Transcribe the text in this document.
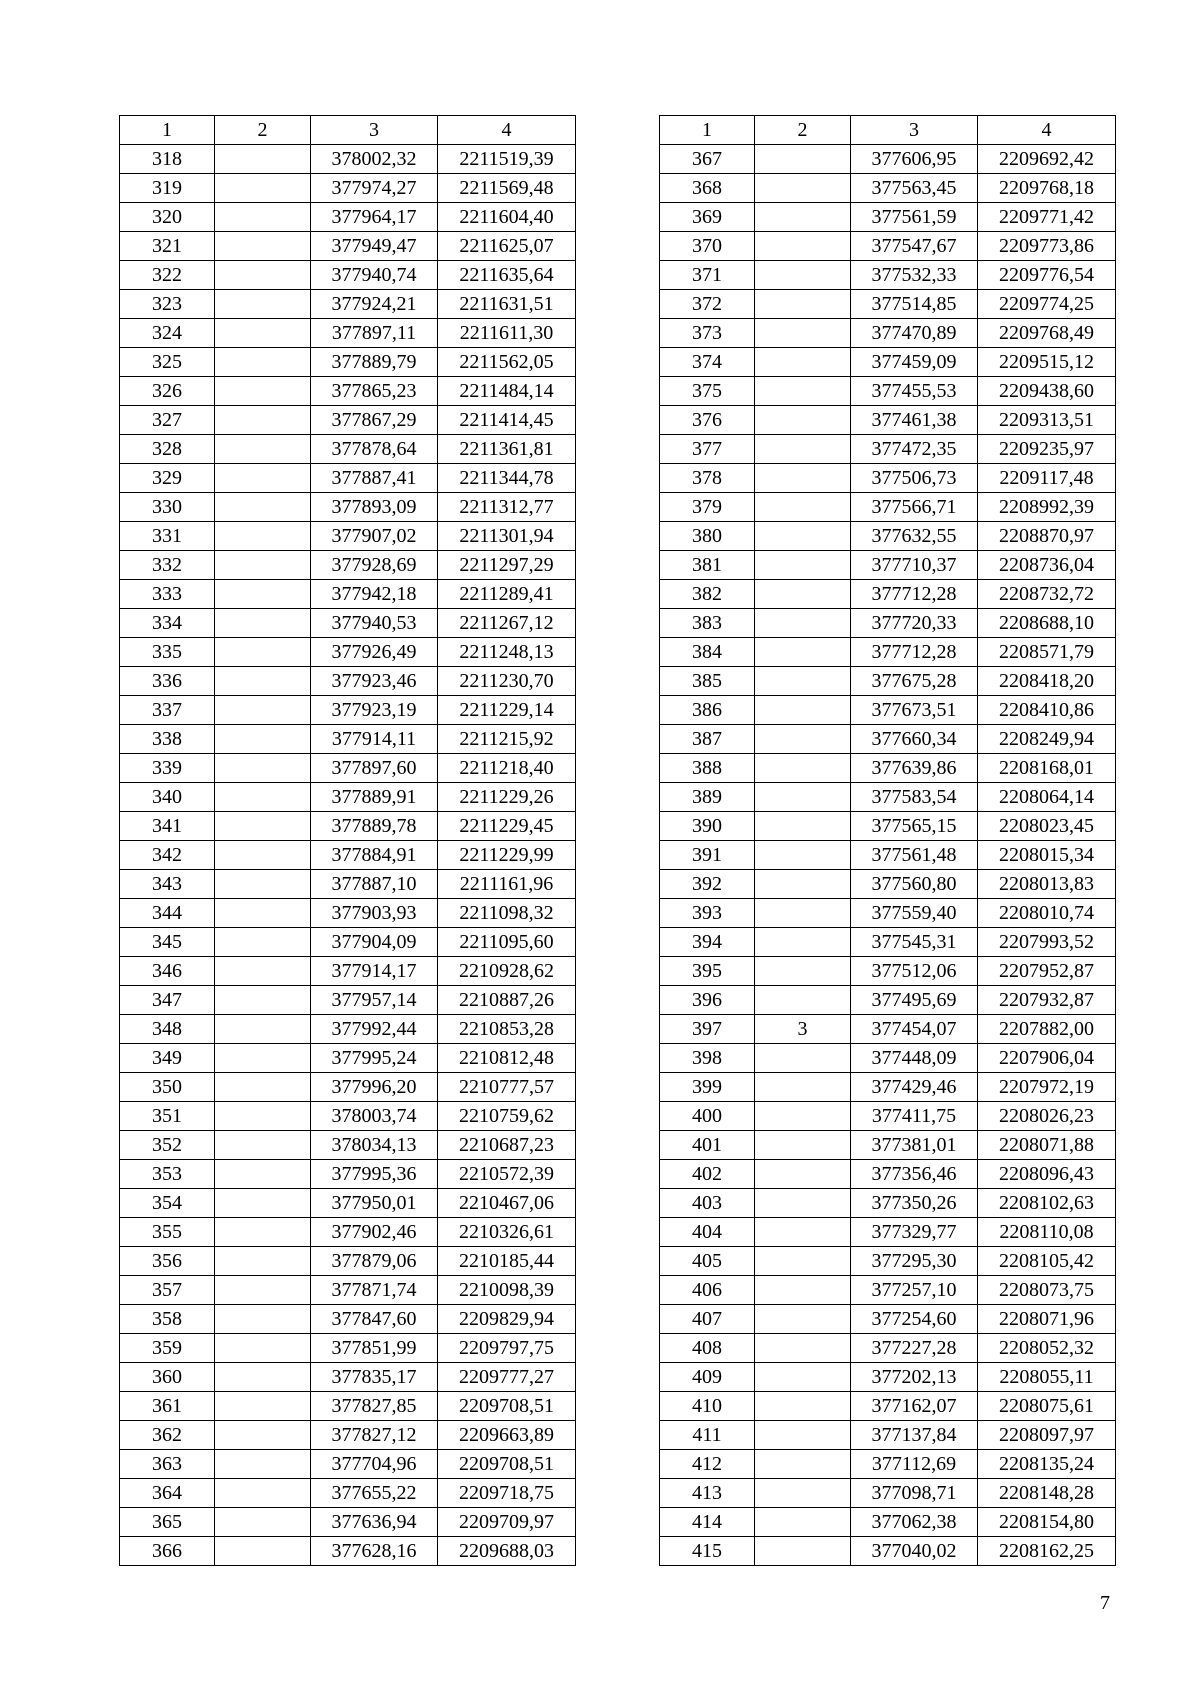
1	2	3	4
318		378002,32	2211519,39
319		377974,27	2211569,48
320		377964,17	2211604,40
321		377949,47	2211625,07
322		377940,74	2211635,64
323		377924,21	2211631,51
324		377897,11	2211611,30
325		377889,79	2211562,05
326		377865,23	2211484,14
327		377867,29	2211414,45
328		377878,64	2211361,81
329		377887,41	2211344,78
330		377893,09	2211312,77
331		377907,02	2211301,94
332		377928,69	2211297,29
333		377942,18	2211289,41
334		377940,53	2211267,12
335		377926,49	2211248,13
336		377923,46	2211230,70
337		377923,19	2211229,14
338		377914,11	2211215,92
339		377897,60	2211218,40
340		377889,91	2211229,26
341		377889,78	2211229,45
342		377884,91	2211229,99
343		377887,10	2211161,96
344		377903,93	2211098,32
345		377904,09	2211095,60
346		377914,17	2210928,62
347		377957,14	2210887,26
348		377992,44	2210853,28
349		377995,24	2210812,48
350		377996,20	2210777,57
351		378003,74	2210759,62
352		378034,13	2210687,23
353		377995,36	2210572,39
354		377950,01	2210467,06
355		377902,46	2210326,61
356		377879,06	2210185,44
357		377871,74	2210098,39
358		377847,60	2209829,94
359		377851,99	2209797,75
360		377835,17	2209777,27
361		377827,85	2209708,51
362		377827,12	2209663,89
363		377704,96	2209708,51
364		377655,22	2209718,75
365		377636,94	2209709,97
366		377628,16	2209688,03
1	2	3	4
367		377606,95	2209692,42
368		377563,45	2209768,18
369		377561,59	2209771,42
370		377547,67	2209773,86
371		377532,33	2209776,54
372		377514,85	2209774,25
373		377470,89	2209768,49
374		377459,09	2209515,12
375		377455,53	2209438,60
376		377461,38	2209313,51
377		377472,35	2209235,97
378		377506,73	2209117,48
379		377566,71	2208992,39
380		377632,55	2208870,97
381		377710,37	2208736,04
382		377712,28	2208732,72
383		377720,33	2208688,10
384		377712,28	2208571,79
385		377675,28	2208418,20
386		377673,51	2208410,86
387		377660,34	2208249,94
388		377639,86	2208168,01
389		377583,54	2208064,14
390		377565,15	2208023,45
391		377561,48	2208015,34
392		377560,80	2208013,83
393		377559,40	2208010,74
394		377545,31	2207993,52
395		377512,06	2207952,87
396		377495,69	2207932,87
397	3	377454,07	2207882,00
398		377448,09	2207906,04
399		377429,46	2207972,19
400		377411,75	2208026,23
401		377381,01	2208071,88
402		377356,46	2208096,43
403		377350,26	2208102,63
404		377329,77	2208110,08
405		377295,30	2208105,42
406		377257,10	2208073,75
407		377254,60	2208071,96
408		377227,28	2208052,32
409		377202,13	2208055,11
410		377162,07	2208075,61
411		377137,84	2208097,97
412		377112,69	2208135,24
413		377098,71	2208148,28
414		377062,38	2208154,80
415		377040,02	2208162,25
7
